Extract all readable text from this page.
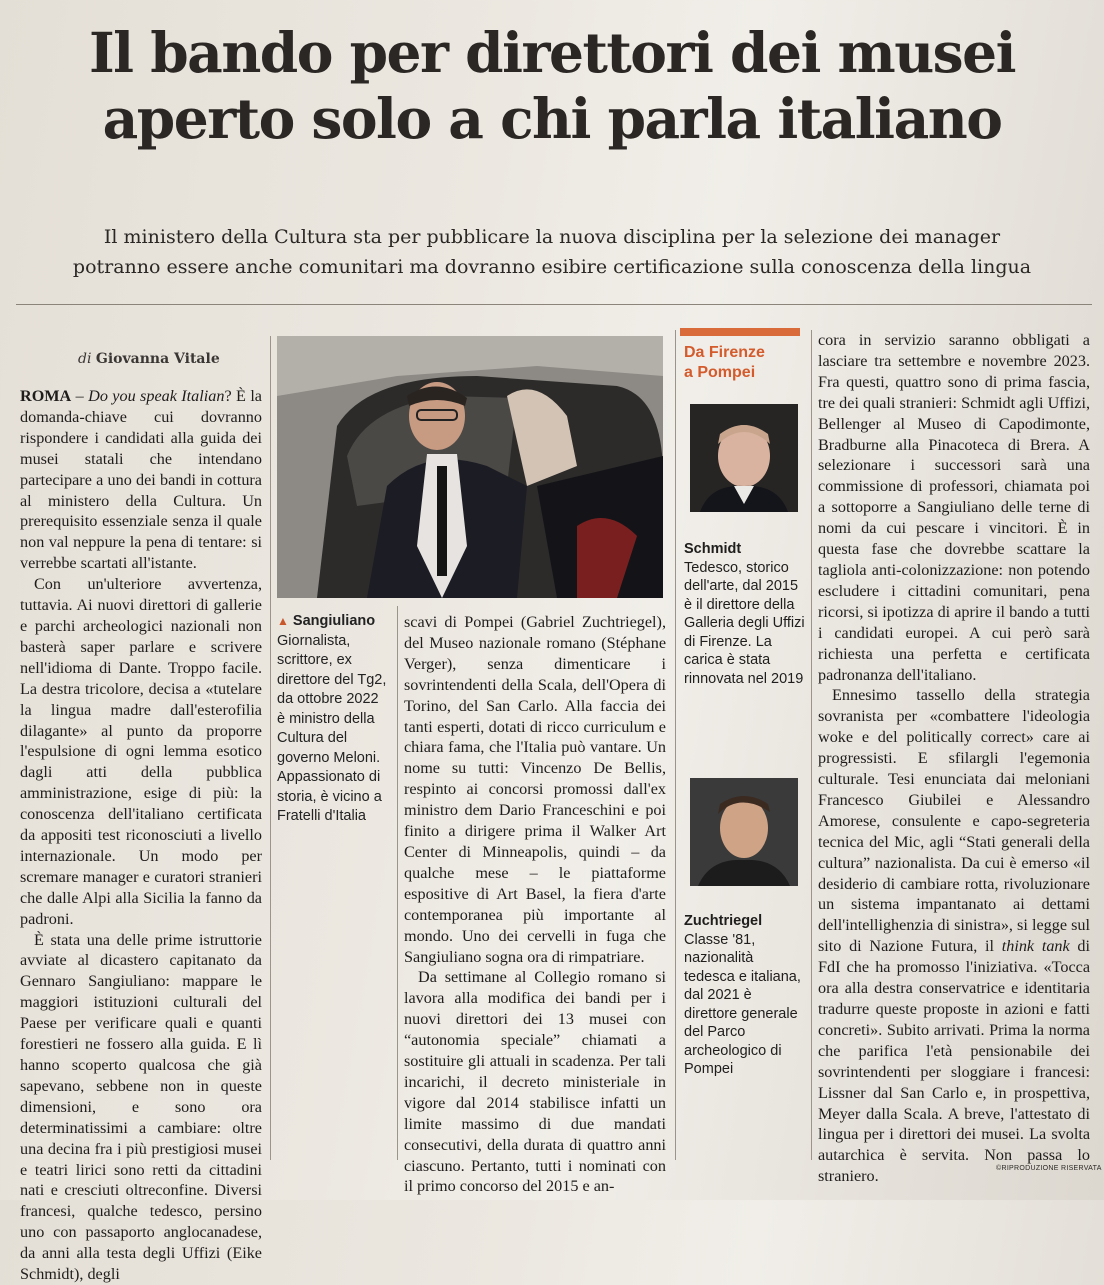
Il bando per direttori dei musei
aperto solo a chi parla italiano

Il ministero della Cultura sta per pubblicare la nuova disciplina per la selezione dei manager
potranno essere anche comunitari ma dovranno esibire certificazione sulla conoscenza della lingua

di Giovanna Vitale

ROMA – Do you speak Italian? È la domanda-chiave cui dovranno rispondere i candidati alla guida dei musei statali che intendano partecipare a uno dei bandi in cottura al ministero della Cultura. Un prerequisito essenziale senza il quale non val neppure la pena di tentare: si verrebbe scartati all'istante.

Con un'ulteriore avvertenza, tuttavia. Ai nuovi direttori di gallerie e parchi archeologici nazionali non basterà saper parlare e scrivere nell'idioma di Dante. Troppo facile. La destra tricolore, decisa a «tutelare la lingua madre dall'esterofilia dilagante» al punto da proporre l'espulsione di ogni lemma esotico dagli atti della pubblica amministrazione, esige di più: la conoscenza dell'italiano certificata da appositi test riconosciuti a livello internazionale. Un modo per scremare manager e curatori stranieri che dalle Alpi alla Sicilia la fanno da padroni.

È stata una delle prime istruttorie avviate al dicastero capitanato da Gennaro Sangiuliano: mappare le maggiori istituzioni culturali del Paese per verificare quali e quanti forestieri ne fossero alla guida. E lì hanno scoperto qualcosa che già sapevano, sebbene non in queste dimensioni, e sono ora determinatissimi a cambiare: oltre una decina fra i più prestigiosi musei e teatri lirici sono retti da cittadini nati e cresciuti oltreconfine. Diversi francesi, qualche tedesco, persino uno con passaporto anglocanadese, da anni alla testa degli Uffizi (Eike Schmidt), degli

▲ Sangiuliano Giornalista, scrittore, ex direttore del Tg2, da ottobre 2022 è ministro della Cultura del governo Meloni. Appassionato di storia, è vicino a Fratelli d'Italia

scavi di Pompei (Gabriel Zuchtriegel), del Museo nazionale romano (Stéphane Verger), senza dimenticare i sovrintendenti della Scala, dell'Opera di Torino, del San Carlo. Alla faccia dei tanti esperti, dotati di ricco curriculum e chiara fama, che l'Italia può vantare. Un nome su tutti: Vincenzo De Bellis, respinto ai concorsi promossi dall'ex ministro dem Dario Franceschini e poi finito a dirigere prima il Walker Art Center di Minneapolis, quindi – da qualche mese – le piattaforme espositive di Art Basel, la fiera d'arte contemporanea più importante al mondo. Uno dei cervelli in fuga che Sangiuliano sogna ora di rimpatriare.

Da settimane al Collegio romano si lavora alla modifica dei bandi per i nuovi direttori dei 13 musei con “autonomia speciale” chiamati a sostituire gli attuali in scadenza. Per tali incarichi, il decreto ministeriale in vigore dal 2014 stabilisce infatti un limite massimo di due mandati consecutivi, della durata di quattro anni ciascuno. Pertanto, tutti i nominati con il primo concorso del 2015 e an-

Da Firenze
a Pompei
Schmidt
Tedesco, storico dell'arte, dal 2015 è il direttore della Galleria degli Uffizi di Firenze. La carica è stata rinnovata nel 2019
Zuchtriegel
Classe '81, nazionalità tedesca e italiana, dal 2021 è direttore generale del Parco archeologico di Pompei

cora in servizio saranno obbligati a lasciare tra settembre e novembre 2023. Fra questi, quattro sono di prima fascia, tre dei quali stranieri: Schmidt agli Uffizi, Bellenger al Museo di Capodimonte, Bradburne alla Pinacoteca di Brera. A selezionare i successori sarà una commissione di professori, chiamata poi a sottoporre a Sangiuliano delle terne di nomi da cui pescare i vincitori. È in questa fase che dovrebbe scattare la tagliola anti-colonizzazione: non potendo escludere i cittadini comunitari, pena ricorsi, si ipotizza di aprire il bando a tutti i candidati europei. A cui però sarà richiesta una perfetta e certificata padronanza dell'italiano.

Ennesimo tassello della strategia sovranista per «combattere l'ideologia woke e del politically correct» care ai progressisti. E sfilargli l'egemonia culturale. Tesi enunciata dai meloniani Francesco Giubilei e Alessandro Amorese, consulente e capo-segreteria tecnica del Mic, agli “Stati generali della cultura” nazionalista. Da cui è emerso «il desiderio di cambiare rotta, rivoluzionare un sistema impantanato ai dettami dell'intellighenzia di sinistra», si legge sul sito di Nazione Futura, il think tank di FdI che ha promosso l'iniziativa. «Tocca ora alla destra conservatrice e identitaria tradurre queste proposte in azioni e fatti concreti». Subito arrivati. Prima la norma che parifica l'età pensionabile dei sovrintendenti per sloggiare i francesi: Lissner dal San Carlo e, in prospettiva, Meyer dalla Scala. A breve, l'attestato di lingua per i direttori dei musei. La svolta autarchica è servita. Non passa lo straniero.	©RIPRODUZIONE RISERVATA
